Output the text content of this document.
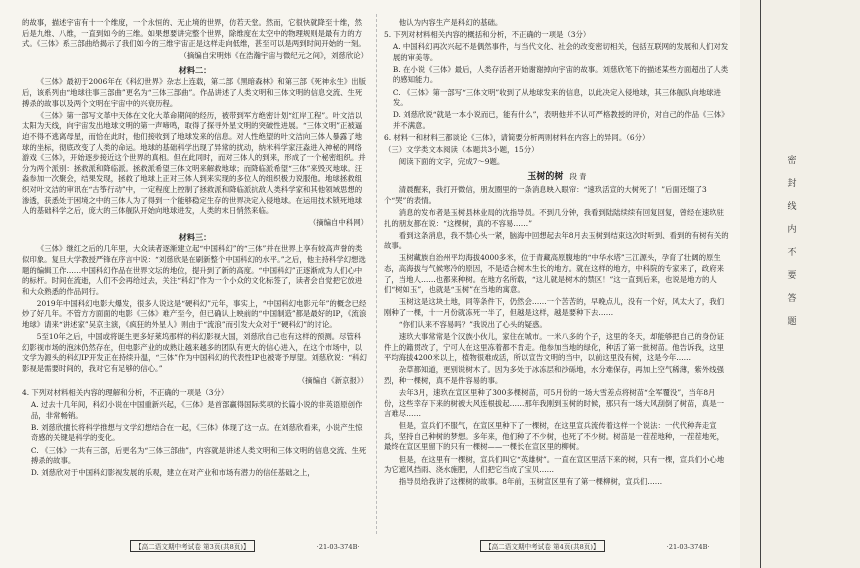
的故事，描述宇宙有十一个维度，一个永恒的、无止境的世界，仿若天堂。然而，它很快就降至十维，然后是九维、八维，一直到如今的三维。如果想要讲完整个世界，除维度在太空中的物理规则是最有力的方式。《三体》系三部曲给揭示了我们如今的三维宇宙正是这样走向低维，甚至可以是两到时间开始的一刻。

（摘编自宋明炜《在浩瀚宇宙与微纪元之间》，刘慈欣论）

材料二：

《三体》最初于2006年在《科幻世界》杂志上连载，第二部《黑暗森林》和第三部《死神永生》出版后，该系列由“地球往事三部曲”更名为“三体三部曲”。作品讲述了人类文明和三体文明的信息交流、生死搏杀的故事以及两个文明在宇宙中的兴衰历程。

《三体》第一部写文革中天体在文化大革命期间的经历，被带到军方绝密计划“红岸工程”。叶文洁以太阳为天线，向宇宙发出地球文明的第一声啼鸣，取得了探寻外星文明的突破性进展。“三体文明”正被逼迫不得不逃离母星，而恰在此时，他们接收到了地球发来的信息。对人性绝望的叶文洁向三体人暴露了地球的坐标，彻底改变了人类的命运。地球的基础科学出现了异常的扰动，纳米科学家汪淼进入神秘的网络游戏《三体》，开始逐步接近这个世界的真相。但在此同时，而对三体人的到来，形成了一个秘密组织。并分为两个派别：拯救派和降临派。拯救派希望三体文明来解救地球；而降临派希望“三体”来毁灭地球。汪淼参加一次聚会，结果发现，拯救了地球上正对三体人到来实现的多位人的组织极力说服他。地球拯救组织对叶文洁的审讯在“古筝行动”中，一定程度上控制了拯救派和降临派抗敌人类科学家和其他领域思想的渗透，获悉处于困境之中的三体人为了得到一个能够稳定生存的世界决定入侵地球。在运用技术锁死地球人的基础科学之后，庞大的三体舰队开始向地球进发，人类的末日悄然来临。

（摘编自中科网）

材料三：

《三体》继红之后的几年里，大众读者逐渐建立起“中国科幻”的“三体”并在世界上享有较高声誉的类似印象。复旦大学教授严锋在序言中说：“刘慈欣是在刷新整个中国科幻的水平。”之后，他主持科学幻想选题的编辑工作……中国科幻作品在世界文坛的地位，提升到了新的高度。“中国科幻”正逐渐成为人们心中的标杆。时间在流逝，人们不会再给过去，关注“科幻”作为一个小众的文化标签了，读者会自觉把它放进和大众熟悉的作品同行。

2019年中国科幻电影大爆发，很多人说这是“硬科幻”元年，事实上，“中国科幻电影元年”的概念已经炒了好几年。不管方方面面的电影《三体》难产至今，但已确认上映前的“中国制造”都是最好的IP，《流浪地球》请来“讲述家”吴京主演，《疯狂的外星人》则由于“流浪”而引发大众对于“硬科幻”的讨论。

5至10年之后，中国或将诞生更多好莱坞那样的科幻影视大国，刘慈欣自己也有这样的预测。尽管科幻影视市场的泡沫仍然存在，但电影产业的成熟让越来越多的团队有更大的信心进入，在这个市场中，以文学为源头的科幻IP开发正在持续升温，“三体”作为中国科幻的代表性IP也被寄予厚望。刘慈欣说：“科幻影视是需要时间的，我对它有足够的信心。”

（摘编自《新京报》）

4. 下列对材料相关内容的理解和分析，不正确的一项是（3分）

A. 过去十几年间，科幻小说在中国重新兴起，《三体》是首部赢得国际奖项的长篇小说的非英语原创作品，非常畅销。

B. 刘慈欣擅长将科学推想与文学幻想结合在一起，《三体》体现了这一点。在刘慈欣看来，小说产生惊奇感的关键是科学的变化。

C. 《三体》一共有三部，后更名为“三体三部曲”，内容就是讲述人类文明和三体文明的信息交流、生死搏杀的故事。

D. 刘慈欣对于中国科幻影视发展的乐观，建立在对产业和市场有潜力的信任基础之上，

他认为内容生产是科幻的基础。

5. 下列对材料相关内容的概括和分析，不正确的一项是（3分）

A. 中国科幻再次兴起不是偶然事件，与当代文化、社会的改变密切相关，包括互联网的发展和人们对发展的审美等。

B. 在小说《三体》最后，人类存活者开始谢谢掉向宇宙的故事。刘慈欣笔下的描述某些方面超出了人类的感知能力。

C. 《三体》第一部写“三体文明”收到了从地球发来的信息，以此决定入侵地球，其三体舰队向地球进发。

D. 刘慈欣说“就是一本小说而已，能有什么”，表明他并不认可严格教授的评价，对自己的作品《三体》并不满意。

6. 材料一和材料三都谈论《三体》，请简要分析两则材料在内容上的异同。（6分）

（三）文学类文本阅读（本题共3小题，15分）

阅读下面的文字，完成7～9题。

玉树的树 段 青

清晨醒来，我打开微信，朋友圈里的一条消息映入眼帘：“速玖活宣的大树死了！”后面还缀了3个“哭”的表情。

消息的发布者是玉树县林业局的沈指导员。不到几分钟，我看到陆陆续续有回复回复，曾经在速玖驻扎的朋友都在说：“这棵树，真的不容易……”

看到这条消息，我不禁心头一紧，脑海中回想起去年8月去玉树到结束这次时听到、看到的有树有关的故事。

玉树藏族自治州平均海拔4000多米，位于青藏高原腹地的“中华水塔”三江源头，孕育了壮阔的原生态，高海拔与气候寒冷的原因，不是适合树木生长的地方。就在这样的地方，中科院的专家来了，政府来了，当地人……也都来种树。在地方名所载，“这儿就是树木的禁区！”这一直到后来，也说是地方的人们“树如玉”，也就是“玉树”在当地的寓意。

玉树这是这块土地，同等条件下，仍然会……一个苦苦的，早晚点儿，没有一个好，风太大了，我们刚种了一棵，十一月份就冻死一半了，但越是这样，越是要种下去……

“你们认来不容易吗？”我说出了心头的疑惑。

速玖大事常常是个汉族小伙儿，家住在城市。一米八多的个子，这里的冬天，却能够把自己的身份证件上的籍贯改了，宁可人在这里冻着都不肯走。他参加当地的绿化，种活了第一批树苗。他告诉我，这里平均海拔4200米以上，植物很难成活，所以宣告文明的当中，以前这里没有树，这是今年……

杂草都知道，更别说树木了。因为多处于冰冻层和沙砾地，水分难保存，再加上空气稀薄，紫外线强烈，种一棵树，真不是件容易的事。

去年3月，速玖在宣区里种了300多棵树苗，可5月份的一场大雪差点将树苗“全军覆没”，当年8月份，这些幸存下来的树被大风连根拔起……那年我刚到玉树的时候，那只有一场大风刮倒了树苗，真是一言难尽……

但是，宣兵们不服气，在宣区里种下了一棵树，在这里宣兵流传着这样一个说法：一代代种奔走宣兵，坚持自己种树的梦想。多年来，他们种了不少树，也死了不少树。树苗是一茬茬地种，一茬茬地死，最终在宣区里留下的只有一棵树——一棵长在宣区里的柳树。

但是，在这里有一棵树，宣兵们叫它“英雄树”。一直在宣区里活下来的树，只有一棵，宣兵们小心地为它遮风挡雨、浇水施肥，人们把它当成了宝贝……

指导员给我讲了这棵树的故事。8年前，玉树宣区里有了第一棵柳树，宣兵们……

【高二语文期中考试卷 第3页(共8页)】	·21-03-374B·	【高二语文期中考试卷 第4页(共8页)】	·21-03-374B·
密
封
线
内
不
要
答
题
